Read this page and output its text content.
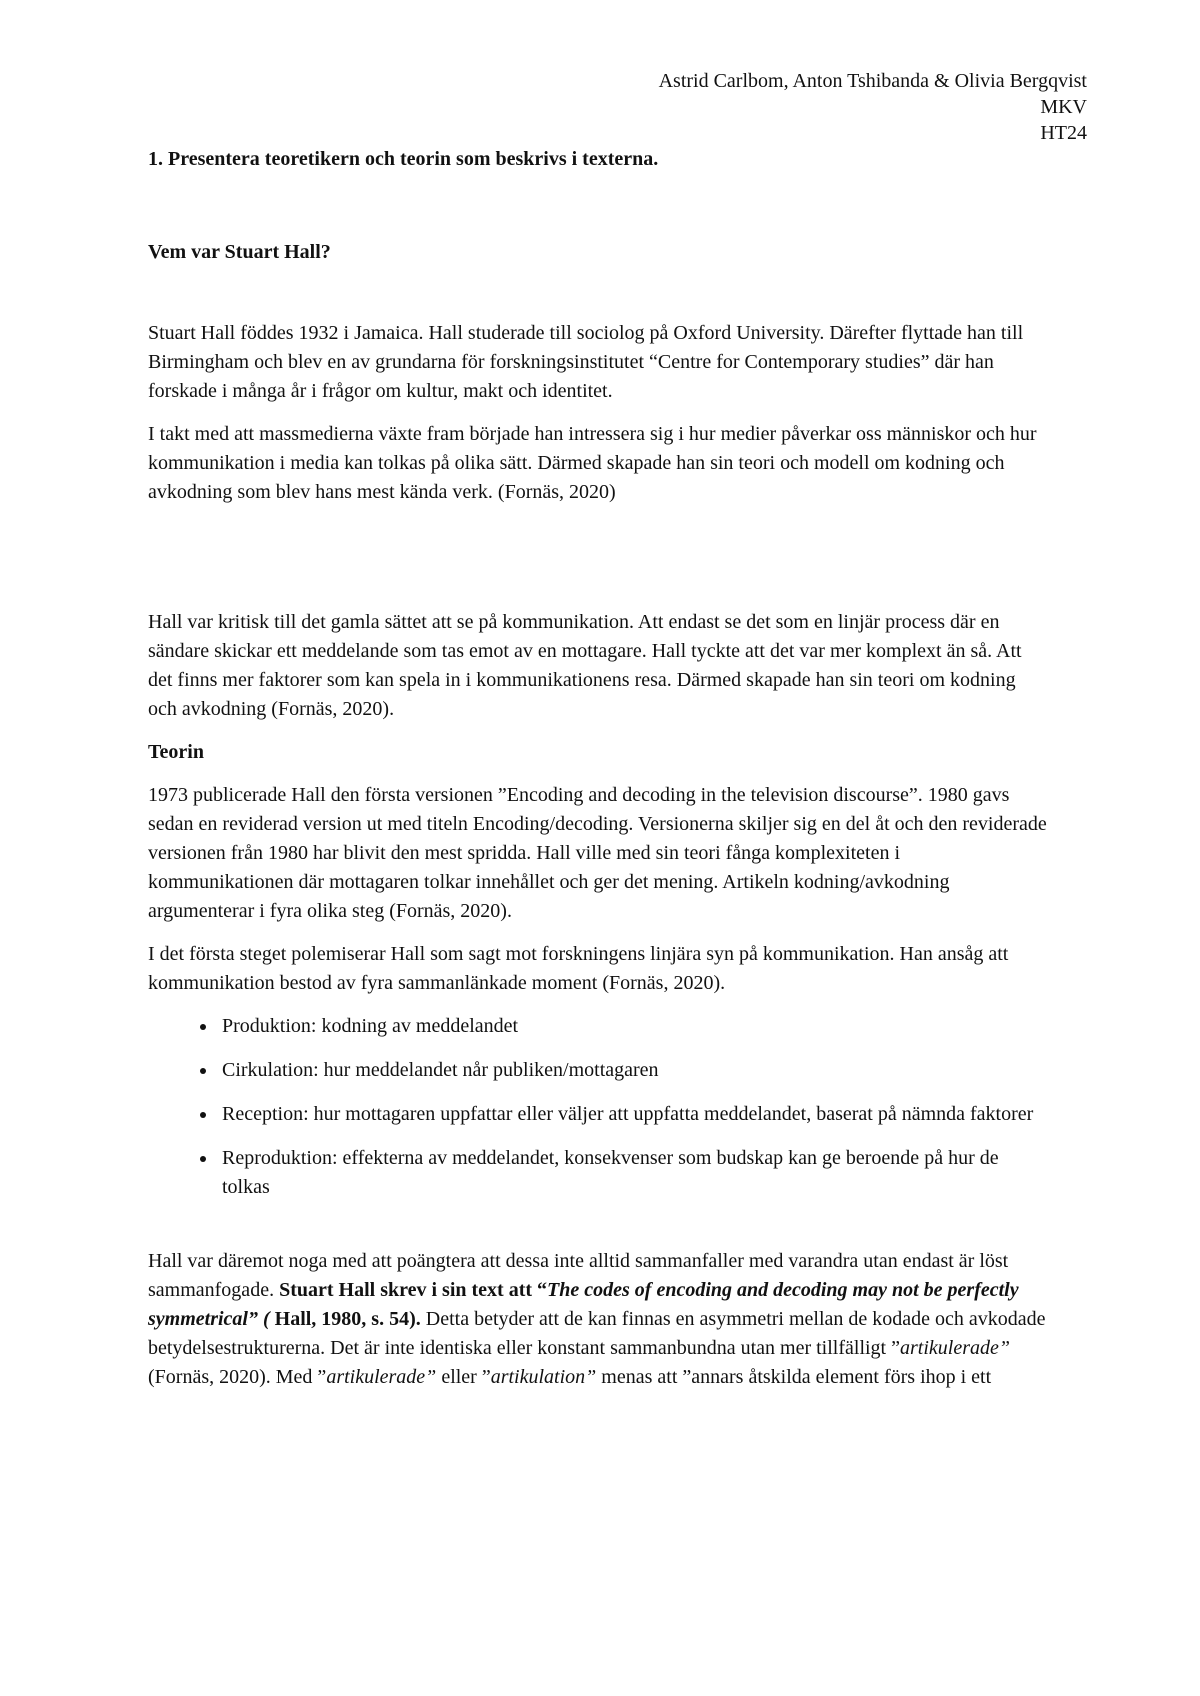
Astrid Carlbom, Anton Tshibanda & Olivia Bergqvist
MKV
HT24

1. Presentera teoretikern och teorin som beskrivs i texterna.

Vem var Stuart Hall?

Stuart Hall föddes 1932 i Jamaica. Hall studerade till sociolog på Oxford University. Därefter flyttade han till Birmingham och blev en av grundarna för forskningsinstitutet “Centre for Contemporary studies” där han forskade i många år i frågor om kultur, makt och identitet.

I takt med att massmedierna växte fram började han intressera sig i hur medier påverkar oss människor och hur kommunikation i media kan tolkas på olika sätt. Därmed skapade han sin teori och modell om kodning och avkodning som blev hans mest kända verk. (Fornäs, 2020)

Hall var kritisk till det gamla sättet att se på kommunikation. Att endast se det som en linjär process där en sändare skickar ett meddelande som tas emot av en mottagare. Hall tyckte att det var mer komplext än så. Att det finns mer faktorer som kan spela in i kommunikationens resa. Därmed skapade han sin teori om kodning och avkodning (Fornäs, 2020).

Teorin

1973 publicerade Hall den första versionen ”Encoding and decoding in the television discourse”. 1980 gavs sedan en reviderad version ut med titeln Encoding/decoding. Versionerna skiljer sig en del åt och den reviderade versionen från 1980 har blivit den mest spridda. Hall ville med sin teori fånga komplexiteten i kommunikationen där mottagaren tolkar innehållet och ger det mening. Artikeln kodning/avkodning argumenterar i fyra olika steg (Fornäs, 2020).

I det första steget polemiserar Hall som sagt mot forskningens linjära syn på kommunikation. Han ansåg att kommunikation bestod av fyra sammanlänkade moment (Fornäs, 2020).

• Produktion: kodning av meddelandet
• Cirkulation: hur meddelandet når publiken/mottagaren
• Reception: hur mottagaren uppfattar eller väljer att uppfatta meddelandet, baserat på nämnda faktorer
• Reproduktion: effekterna av meddelandet, konsekvenser som budskap kan ge beroende på hur de tolkas

Hall var däremot noga med att poängtera att dessa inte alltid sammanfaller med varandra utan endast är löst sammanfogade. Stuart Hall skrev i sin text att “The codes of encoding and decoding may not be perfectly symmetrical” ( Hall, 1980, s. 54). Detta betyder att de kan finnas en asymmetri mellan de kodade och avkodade betydelsestrukturerna. Det är inte identiska eller konstant sammanbundna utan mer tillfälligt ”artikulerade” (Fornäs, 2020). Med ”artikulerade” eller ”artikulation” menas att ”annars åtskilda element förs ihop i ett
